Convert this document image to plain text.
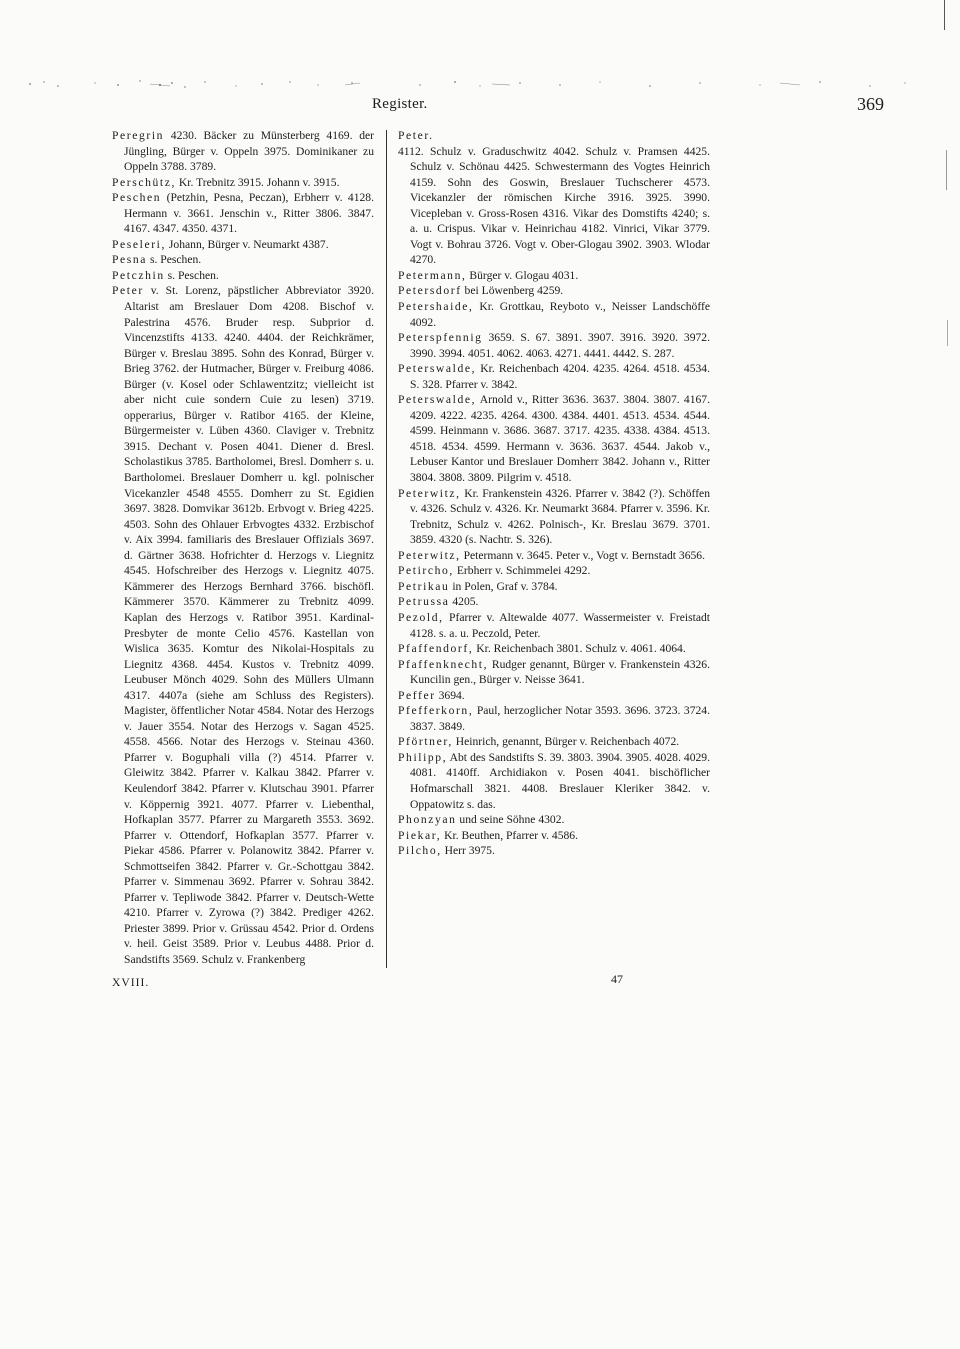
Register.	369

Peregrin 4230. Bäcker zu Münsterberg 4169. der Jüngling, Bürger v. Oppeln 3975. Dominikaner zu Oppeln 3788. 3789.

Perschütz, Kr. Trebnitz 3915. Johann v. 3915.

Peschen (Petzhin, Pesna, Peczan), Erbherr v. 4128. Hermann v. 3661. Jenschin v., Ritter 3806. 3847. 4167. 4347. 4350. 4371.

Peseleri, Johann, Bürger v. Neumarkt 4387.

Pesna s. Peschen.

Petczhin s. Peschen.

Peter v. St. Lorenz, päpstlicher Abbreviator 3920. Altarist am Breslauer Dom 4208. Bischof v. Palestrina 4576. Bruder resp. Subprior d. Vincenzstifts 4133. 4240. 4404. der Reichkrämer, Bürger v. Breslau 3895. Sohn des Konrad, Bürger v. Brieg 3762. der Hutmacher, Bürger v. Freiburg 4086. Bürger (v. Kosel oder Schlawentzitz; vielleicht ist aber nicht cuie sondern Cuie zu lesen) 3719. opperarius, Bürger v. Ratibor 4165. der Kleine, Bürgermeister v. Lüben 4360. Claviger v. Trebnitz 3915. Dechant v. Posen 4041. Diener d. Bresl. Scholastikus 3785. Bartholomei, Bresl. Domherr s. u. Bartholomei. Breslauer Domherr u. kgl. polnischer Vicekanzler 4548 4555. Domherr zu St. Egidien 3697. 3828. Domvikar 3612b. Erbvogt v. Brieg 4225. 4503. Sohn des Ohlauer Erbvogtes 4332. Erzbischof v. Aix 3994. familiaris des Breslauer Offizials 3697. d. Gärtner 3638. Hofrichter d. Herzogs v. Liegnitz 4545. Hofschreiber des Herzogs v. Liegnitz 4075. Kämmerer des Herzogs Bernhard 3766. bischöfl. Kämmerer 3570. Kämmerer zu Trebnitz 4099. Kaplan des Herzogs v. Ratibor 3951. Kardinal-Presbyter de monte Celio 4576. Kastellan von Wislica 3635. Komtur des Nikolai-Hospitals zu Liegnitz 4368. 4454. Kustos v. Trebnitz 4099. Leubuser Mönch 4029. Sohn des Müllers Ulmann 4317. 4407a (siehe am Schluss des Registers). Magister, öffentlicher Notar 4584. Notar des Herzogs v. Jauer 3554. Notar des Herzogs v. Sagan 4525. 4558. 4566. Notar des Herzogs v. Steinau 4360. Pfarrer v. Boguphali villa (?) 4514. Pfarrer v. Gleiwitz 3842. Pfarrer v. Kalkau 3842. Pfarrer v. Keulendorf 3842. Pfarrer v. Klutschau 3901. Pfarrer v. Köppernig 3921. 4077. Pfarrer v. Liebenthal, Hofkaplan 3577. Pfarrer zu Margareth 3553. 3692. Pfarrer v. Ottendorf, Hofkaplan 3577. Pfarrer v. Piekar 4586. Pfarrer v. Polanowitz 3842. Pfarrer v. Schmottseifen 3842. Pfarrer v. Gr.-Schottgau 3842. Pfarrer v. Simmenau 3692. Pfarrer v. Sohrau 3842. Pfarrer v. Tepliwode 3842. Pfarrer v. Deutsch-Wette 4210. Pfarrer v. Zyrowa (?) 3842. Prediger 4262. Priester 3899. Prior v. Grüssau 4542. Prior d. Ordens v. heil. Geist 3589. Prior v. Leubus 4488. Prior d. Sandstifts 3569. Schulz v. Frankenberg

Peter.

4112. Schulz v. Graduschwitz 4042. Schulz v. Pramsen 4425. Schulz v. Schönau 4425. Schwestermann des Vogtes Heinrich 4159. Sohn des Goswin, Breslauer Tuchscherer 4573. Vicekanzler der römischen Kirche 3916. 3925. 3990. Vicepleban v. Gross-Rosen 4316. Vikar des Domstifts 4240; s. a. u. Crispus. Vikar v. Heinrichau 4182. Vinrici, Vikar 3779. Vogt v. Bohrau 3726. Vogt v. Ober-Glogau 3902. 3903. Wlodar 4270.

Petermann, Bürger v. Glogau 4031.

Petersdorf bei Löwenberg 4259.

Petershaide, Kr. Grottkau, Reyboto v., Neisser Landschöffe 4092.

Peterspfennig 3659. S. 67. 3891. 3907. 3916. 3920. 3972. 3990. 3994. 4051. 4062. 4063. 4271. 4441. 4442. S. 287.

Peterswalde, Kr. Reichenbach 4204. 4235. 4264. 4518. 4534. S. 328. Pfarrer v. 3842.

Peterswalde, Arnold v., Ritter 3636. 3637. 3804. 3807. 4167. 4209. 4222. 4235. 4264. 4300. 4384. 4401. 4513. 4534. 4544. 4599. Heinmann v. 3686. 3687. 3717. 4235. 4338. 4384. 4513. 4518. 4534. 4599. Hermann v. 3636. 3637. 4544. Jakob v., Lebuser Kantor und Breslauer Domherr 3842. Johann v., Ritter 3804. 3808. 3809. Pilgrim v. 4518.

Peterwitz, Kr. Frankenstein 4326. Pfarrer v. 3842 (?). Schöffen v. 4326. Schulz v. 4326. Kr. Neumarkt 3684. Pfarrer v. 3596. Kr. Trebnitz, Schulz v. 4262. Polnisch-, Kr. Breslau 3679. 3701. 3859. 4320 (s. Nachtr. S. 326).

Peterwitz, Petermann v. 3645. Peter v., Vogt v. Bernstadt 3656.

Petircho, Erbherr v. Schimmelei 4292.

Petrikau in Polen, Graf v. 3784.

Petrussa 4205.

Pezold, Pfarrer v. Altewalde 4077. Wassermeister v. Freistadt 4128. s. a. u. Peczold, Peter.

Pfaffendorf, Kr. Reichenbach 3801. Schulz v. 4061. 4064.

Pfaffenknecht, Rudger genannt, Bürger v. Frankenstein 4326. Kuncilin gen., Bürger v. Neisse 3641.

Peffer 3694.

Pfefferkorn, Paul, herzoglicher Notar 3593. 3696. 3723. 3724. 3837. 3849.

Pförtner, Heinrich, genannt, Bürger v. Reichenbach 4072.

Philipp, Abt des Sandstifts S. 39. 3803. 3904. 3905. 4028. 4029. 4081. 4140ff. Archidiakon v. Posen 4041. bischöflicher Hofmarschall 3821. 4408. Breslauer Kleriker 3842. v. Oppatowitz s. das.

Phonzyan und seine Söhne 4302.

Piekar, Kr. Beuthen, Pfarrer v. 4586.

Pilcho, Herr 3975.

XVIII.	47
